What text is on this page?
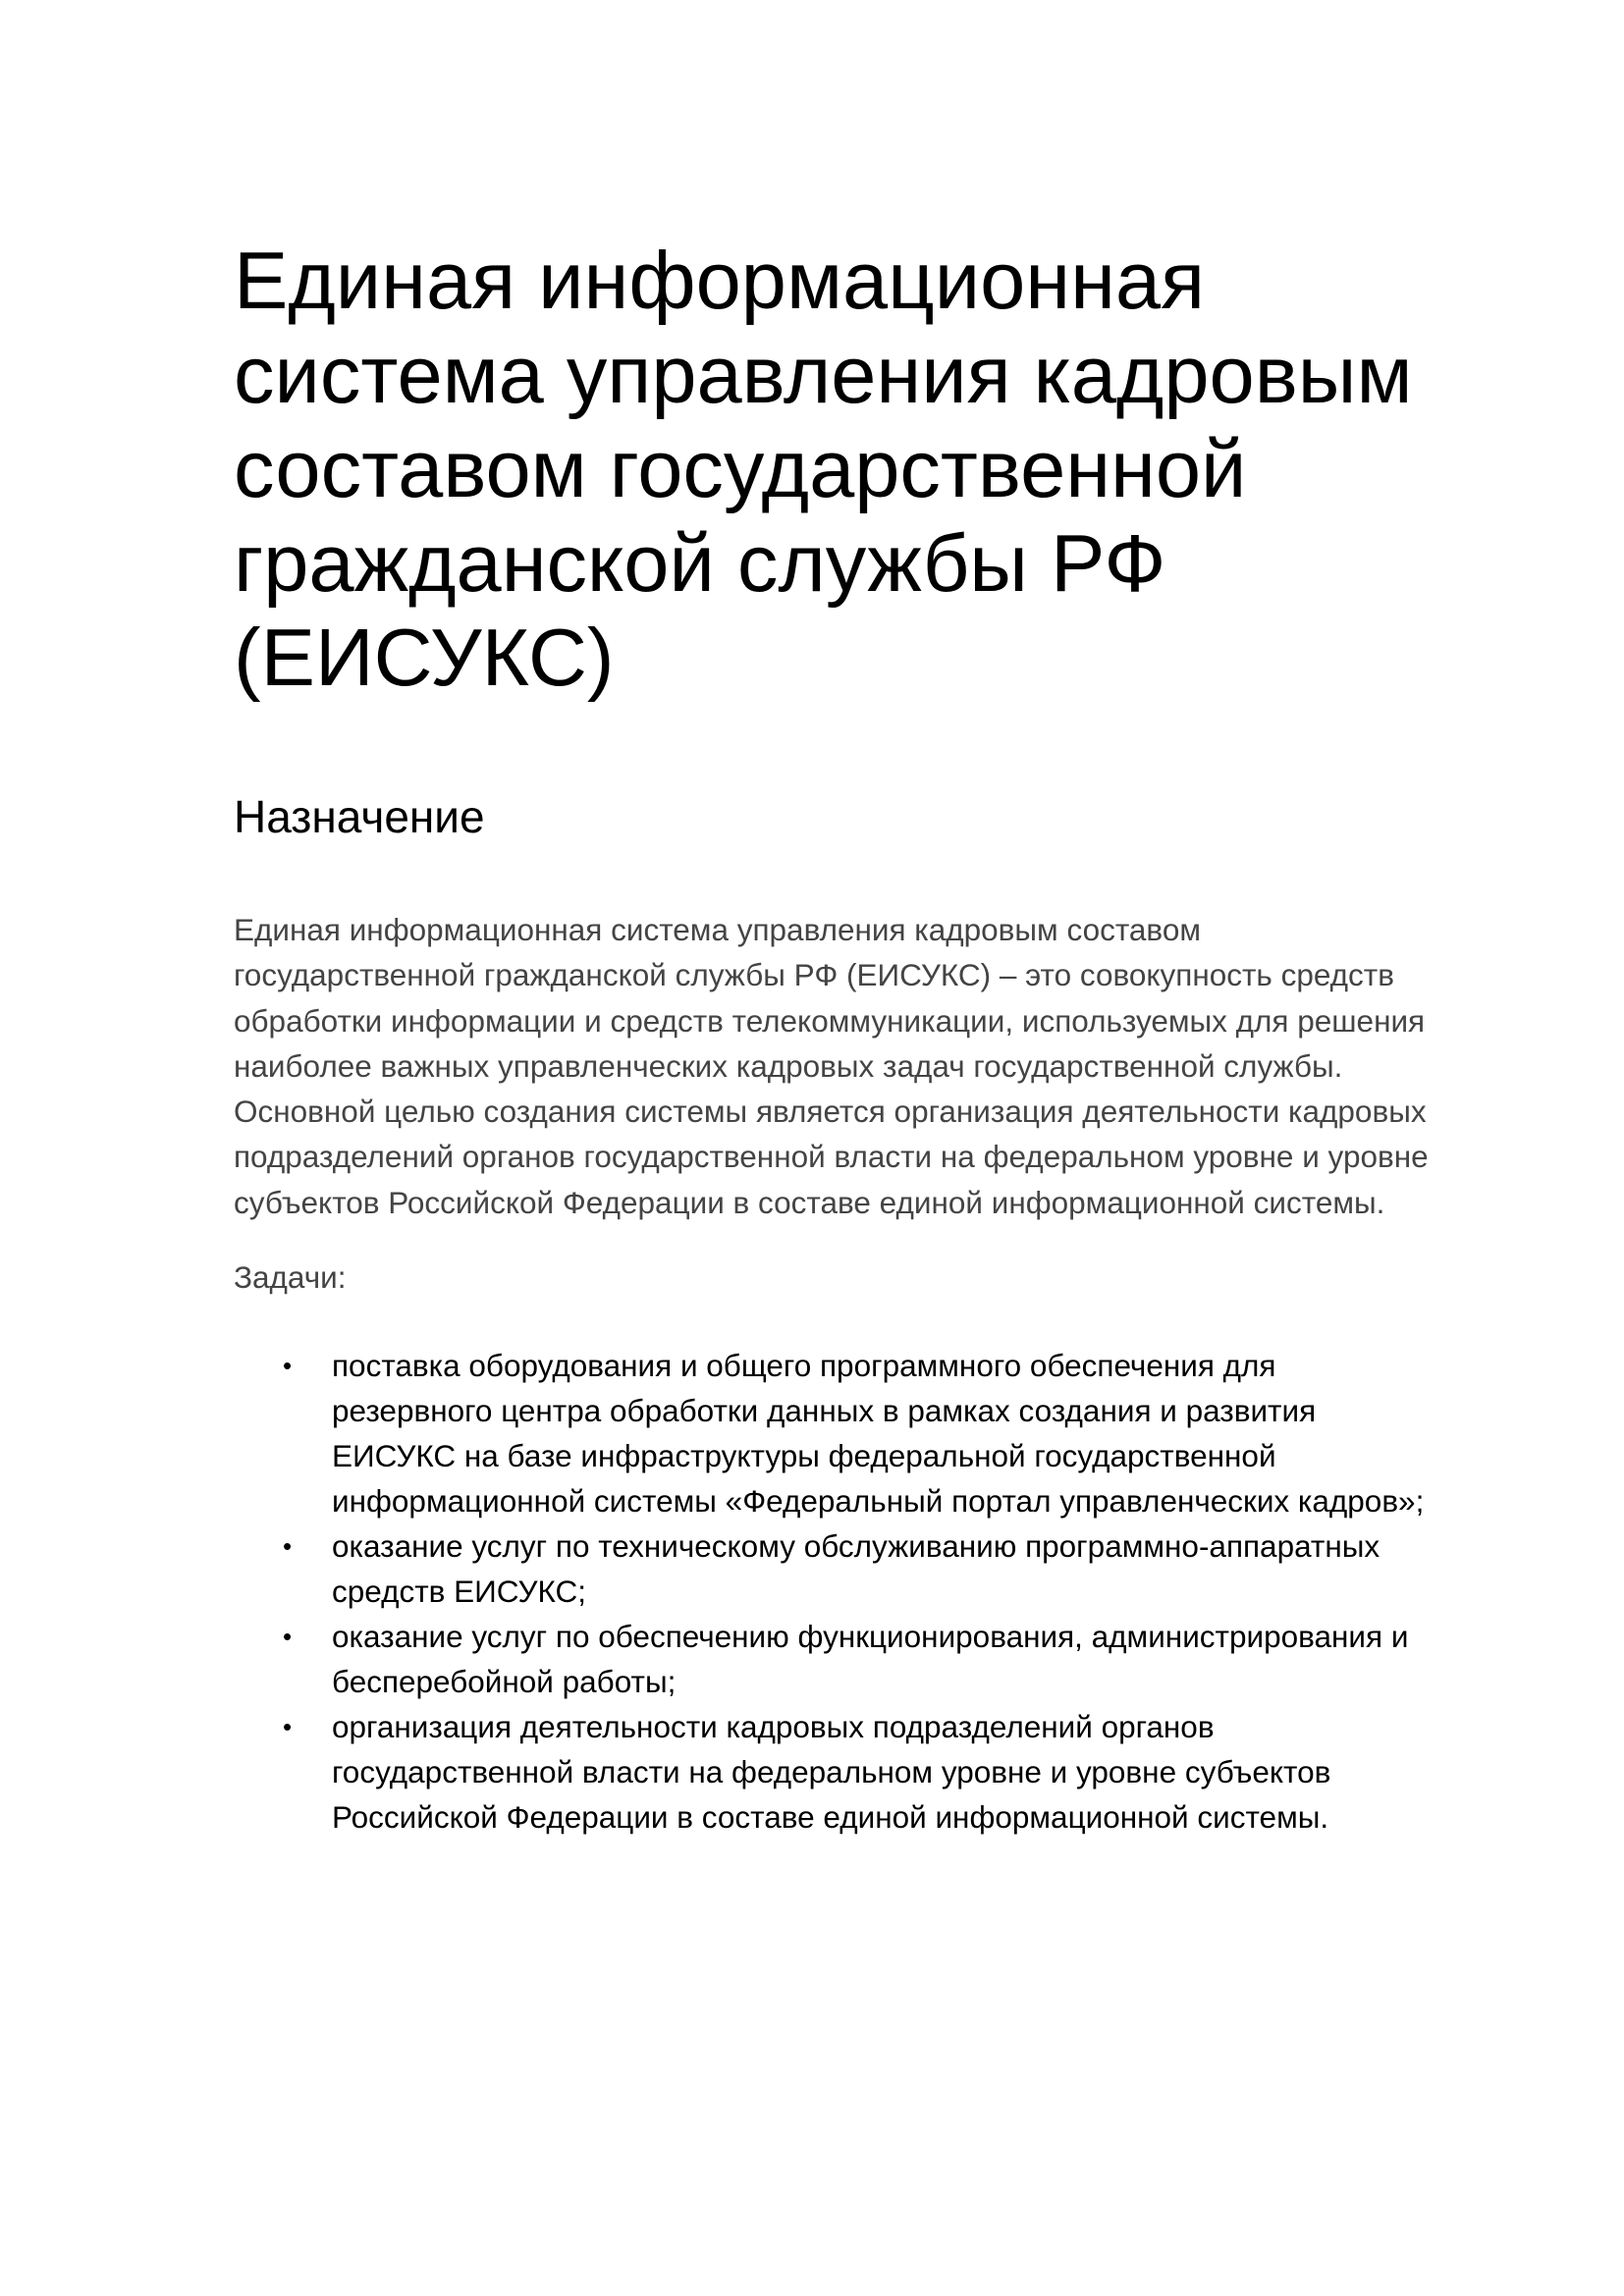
Единая информационная
система управления кадровым
составом государственной
гражданской службы РФ
(ЕИСУКС)
Назначение

Единая информационная система управления кадровым составом
государственной гражданской службы РФ (ЕИСУКС) – это совокупность средств
обработки информации и средств телекоммуникации, используемых для решения
наиболее важных управленческих кадровых задач государственной службы.
Основной целью создания системы является организация деятельности кадровых
подразделений органов государственной власти на федеральном уровне и уровне
субъектов Российской Федерации в составе единой информационной системы.

Задачи:

• поставка оборудования и общего программного обеспечения для
резервного центра обработки данных в рамках создания и развития
ЕИСУКС на базе инфраструктуры федеральной государственной
информационной системы «Федеральный портал управленческих кадров»;
• оказание услуг по техническому обслуживанию программно-аппаратных
средств ЕИСУКС;
• оказание услуг по обеспечению функционирования, администрирования и
бесперебойной работы;
• организация деятельности кадровых подразделений органов
государственной власти на федеральном уровне и уровне субъектов
Российской Федерации в составе единой информационной системы.
